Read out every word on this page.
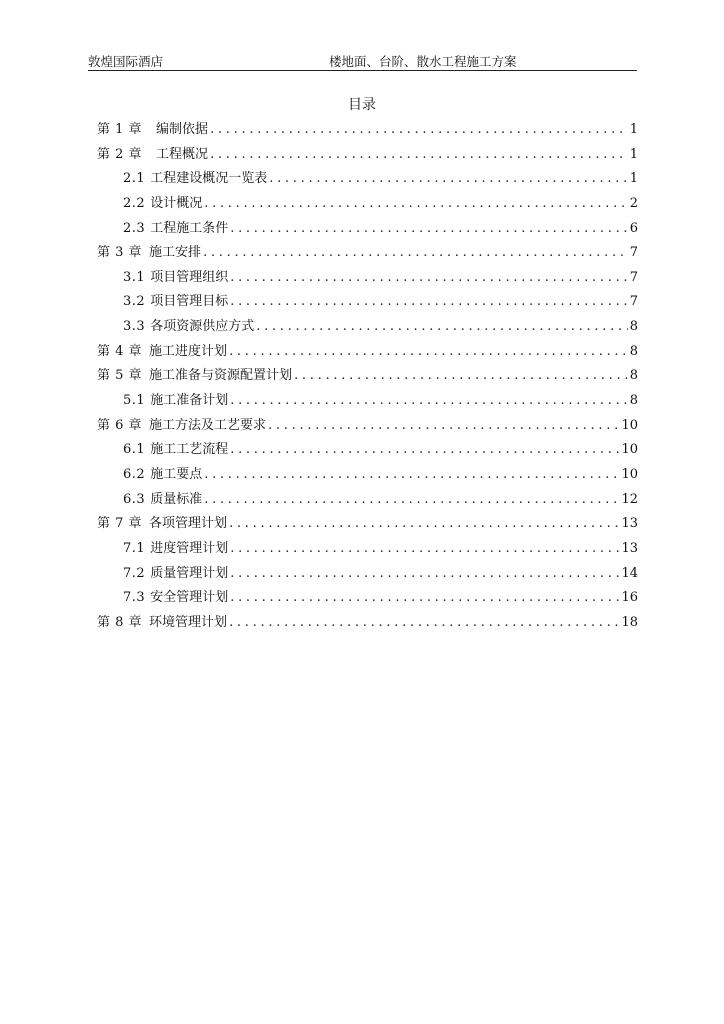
敦煌国际酒店	楼地面、台阶、散水工程施工方案
目录
第 1 章 编制依据 . . .	1
第 2 章 工程概况 . . .	1
2.1 工程建设概况一览表 . . .	1
2.2 设计概况 . . .	2
2.3 工程施工条件 . . .	6
第 3 章 施工安排 . . .	7
3.1 项目管理组织 . . .	7
3.2 项目管理目标 . . .	7
3.3 各项资源供应方式 . . .	8
第 4 章 施工进度计划 . . .	8
第 5 章 施工准备与资源配置计划 . . .	8
5.1 施工准备计划 . . .	8
第 6 章 施工方法及工艺要求 . . .	10
6.1 施工工艺流程 . . .	10
6.2 施工要点 . . .	10
6.3 质量标准 . . .	12
第 7 章 各项管理计划 . . .	13
7.1 进度管理计划 . . .	13
7.2 质量管理计划 . . .	14
7.3 安全管理计划 . . .	16
第 8 章 环境管理计划 . . .	18
